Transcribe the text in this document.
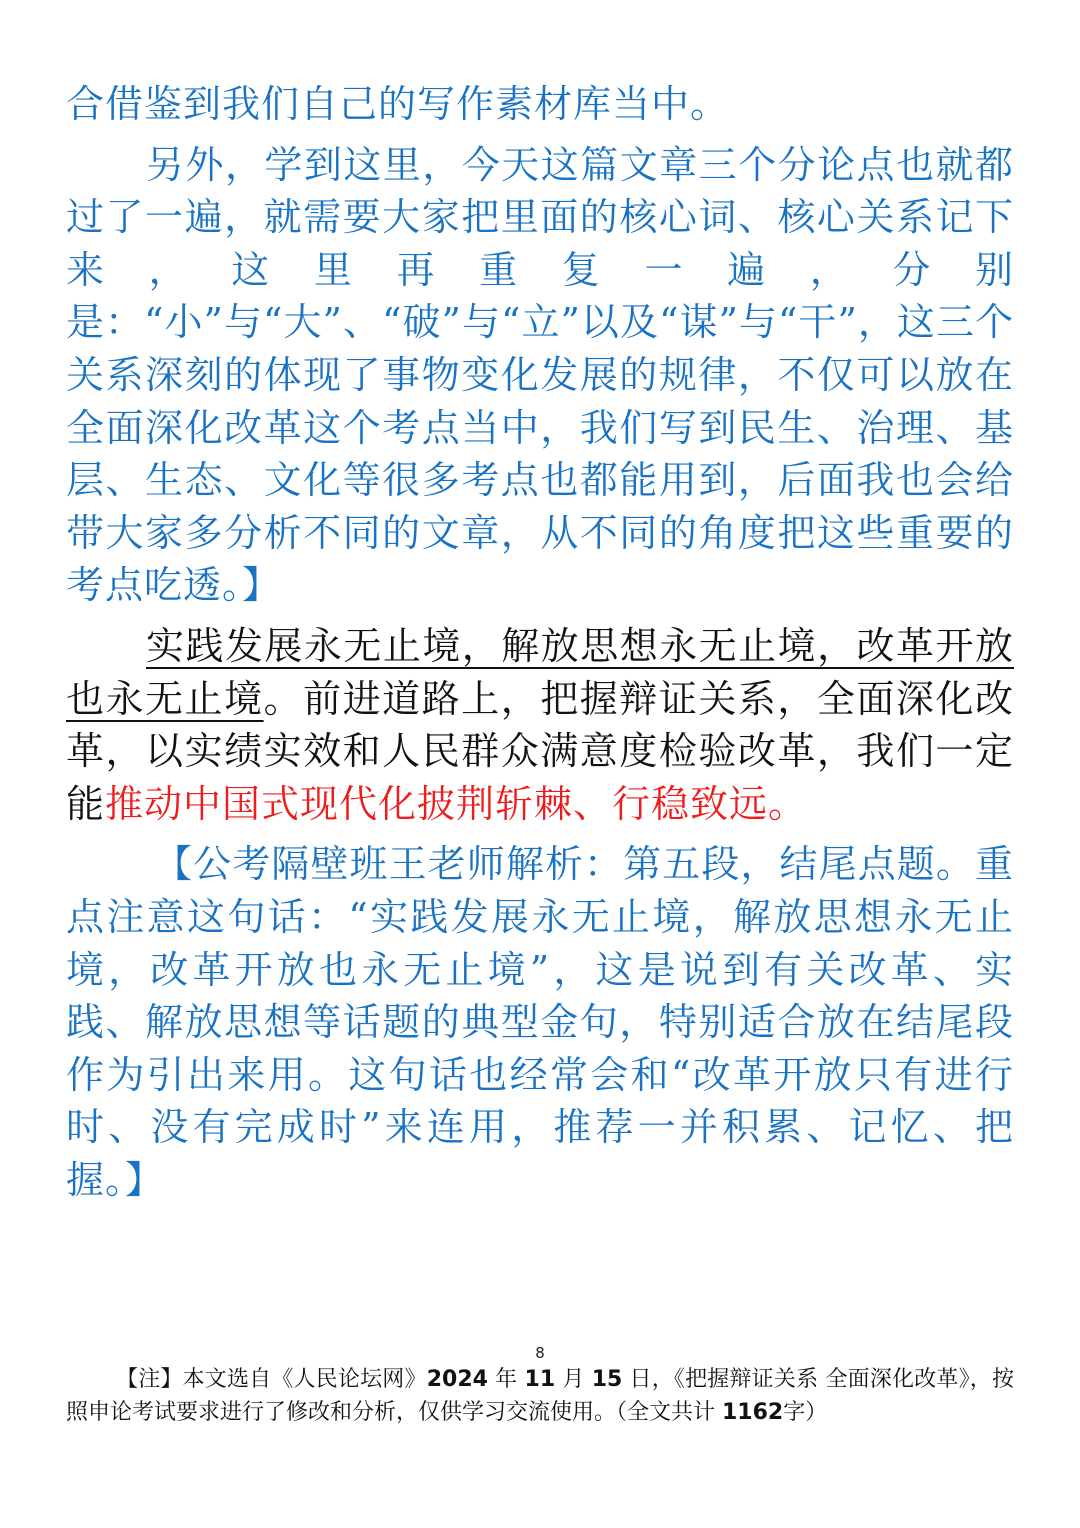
合借鉴到我们自己的写作素材库当中。

另外，学到这里，今天这篇文章三个分论点也就都过了一遍，就需要大家把里面的核心词、核心关系记下来，这里再重复一遍，分别是：“小”与“大”、“破”与“立”以及“谋”与“干”，这三个关系深刻的体现了事物变化发展的规律，不仅可以放在全面深化改革这个考点当中，我们写到民生、治理、基层、生态、文化等很多考点也都能用到，后面我也会给带大家多分析不同的文章，从不同的角度把这些重要的考点吃透。】

实践发展永无止境，解放思想永无止境，改革开放也永无止境。前进道路上，把握辩证关系，全面深化改革，以实绩实效和人民群众满意度检验改革，我们一定能推动中国式现代化披荆斩棘、行稳致远。

【公考隔壁班王老师解析：第五段，结尾点题。重点注意这句话：“实践发展永无止境，解放思想永无止境，改革开放也永无止境”，这是说到有关改革、实践、解放思想等话题的典型金句，特别适合放在结尾段作为引出来用。这句话也经常会和“改革开放只有进行时、没有完成时”来连用，推荐一并积累、记忆、把握。】

8

【注】本文选自《人民论坛网》2024 年 11 月 15 日，《把握辩证关系 全面深化改革》，按照申论考试要求进行了修改和分析，仅供学习交流使用。（全文共计 1162字）
